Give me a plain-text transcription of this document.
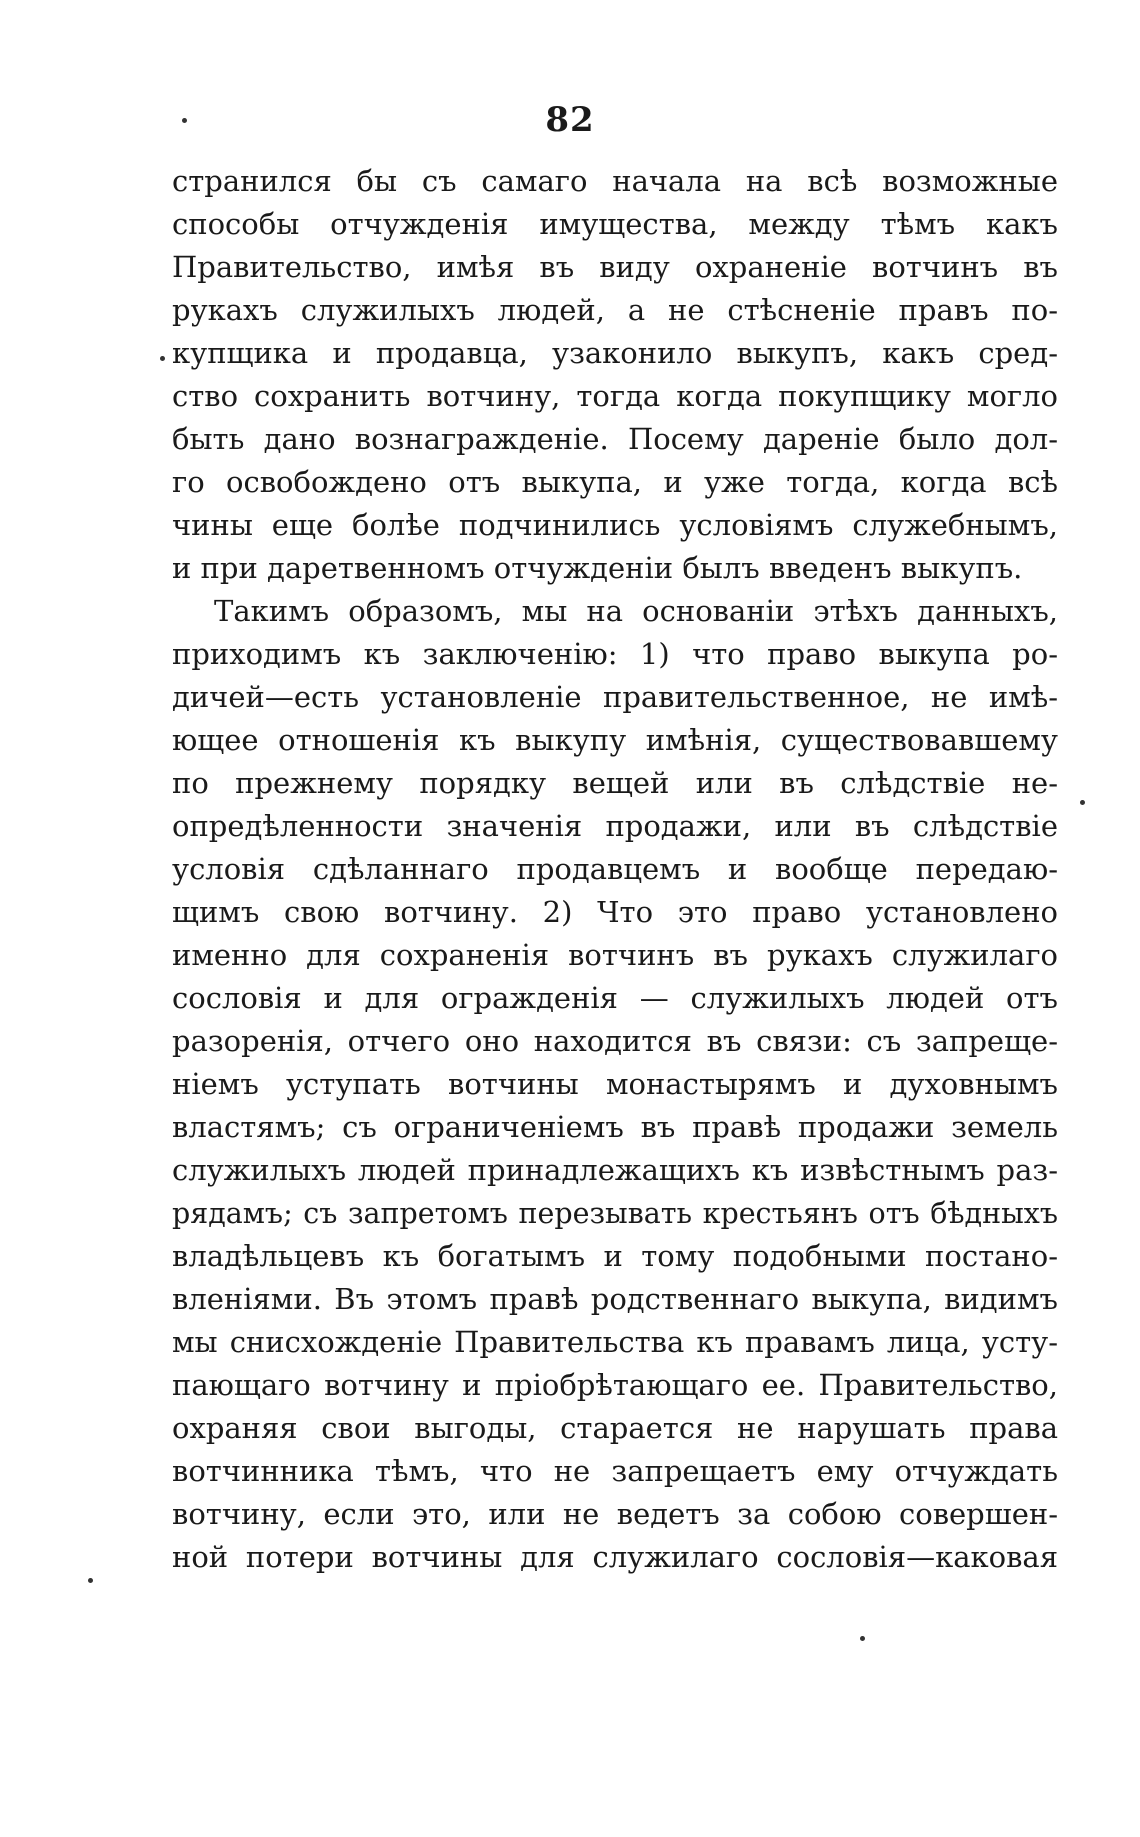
82
странился бы съ самаго начала на всѣ возможные
способы отчужденія имущества, между тѣмъ какъ
Правительство, имѣя въ виду охраненіе вотчинъ въ
рукахъ служилыхъ людей, а не стѣсненіе правъ по-
купщика и продавца, узаконило выкупъ, какъ сред-
ство сохранить вотчину, тогда когда покупщику могло
быть дано вознагражденіе. Посему дареніе было дол-
го освобождено отъ выкупа, и уже тогда, когда всѣ
чины еще болѣе подчинились условіямъ служебнымъ,
и при даретвенномъ отчужденіи былъ введенъ выкупъ.
Такимъ образомъ, мы на основаніи этѣхъ данныхъ,
приходимъ къ заключенію: 1) что право выкупа ро-
дичей—есть установленіе правительственное, не имѣ-
ющее отношенія къ выкупу имѣнія, существовавшему
по прежнему порядку вещей или въ слѣдствіе не-
опредѣленности значенія продажи, или въ слѣдствіе
условія сдѣланнаго продавцемъ и вообще передаю-
щимъ свою вотчину. 2) Что это право установлено
именно для сохраненія вотчинъ въ рукахъ служилаго
сословія и для огражденія — служилыхъ людей отъ
разоренія, отчего оно находится въ связи: съ запреще-
ніемъ уступать вотчины монастырямъ и духовнымъ
властямъ; съ ограниченіемъ въ правѣ продажи земель
служилыхъ людей принадлежащихъ къ извѣстнымъ раз-
рядамъ; съ запретомъ перезывать крестьянъ отъ бѣдныхъ
владѣльцевъ къ богатымъ и тому подобными постано-
вленіями. Въ этомъ правѣ родственнаго выкупа, видимъ
мы снисхожденіе Правительства къ правамъ лица, усту-
пающаго вотчину и пріобрѣтающаго ее. Правительство,
охраняя свои выгоды, старается не нарушать права
вотчинника тѣмъ, что не запрещаетъ ему отчуждать
вотчину, если это, или не ведетъ за собою совершен-
ной потери вотчины для служилаго сословія—каковая
